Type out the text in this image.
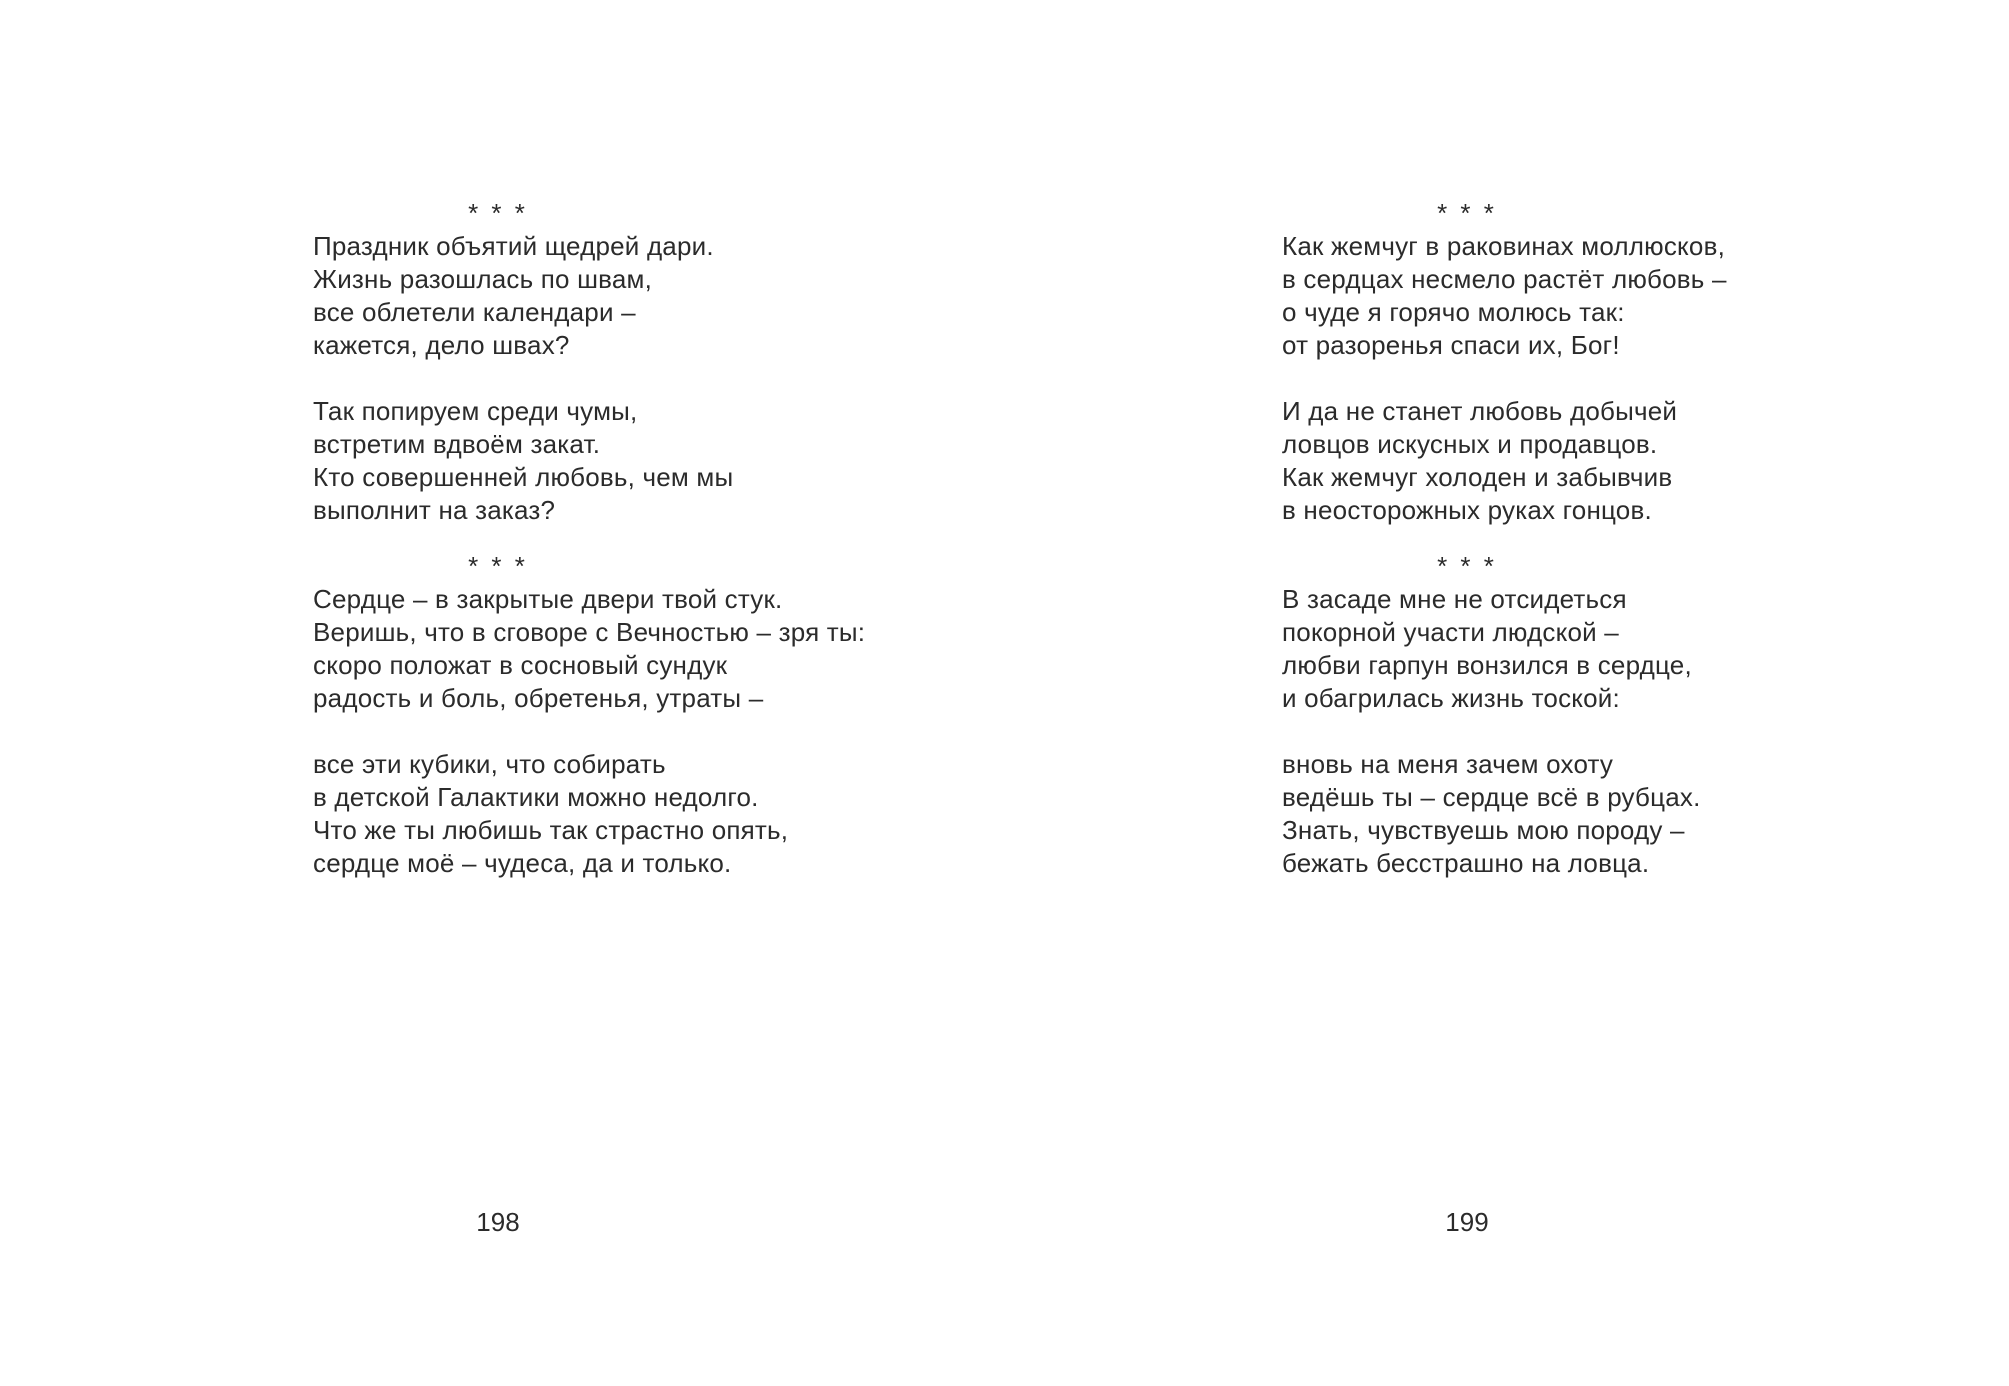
* * *
Праздник объятий щедрей дари.
Жизнь разошлась по швам,
все облетели календари –
кажется, дело швах?
Так попируем среди чумы,
встретим вдвоём закат.
Кто совершенней любовь, чем мы
выполнит на заказ?
* * *
Сердце – в закрытые двери твой стук.
Веришь, что в сговоре с Вечностью – зря ты:
скоро положат в сосновый сундук
радость и боль, обретенья, утраты –
все эти кубики, что собирать
в детской Галактики можно недолго.
Что же ты любишь так страстно опять,
сердце моё – чудеса, да и только.
198
* * *
Как жемчуг в раковинах моллюсков,
в сердцах несмело растёт любовь –
о чуде я горячо молюсь так:
от разоренья спаси их, Бог!
И да не станет любовь добычей
ловцов искусных и продавцов.
Как жемчуг холоден и забывчив
в неосторожных руках гонцов.
* * *
В засаде мне не отсидеться
покорной участи людской –
любви гарпун вонзился в сердце,
и обагрилась жизнь тоской:
вновь на меня зачем охоту
ведёшь ты – сердце всё в рубцах.
Знать, чувствуешь мою породу –
бежать бесстрашно на ловца.
199
